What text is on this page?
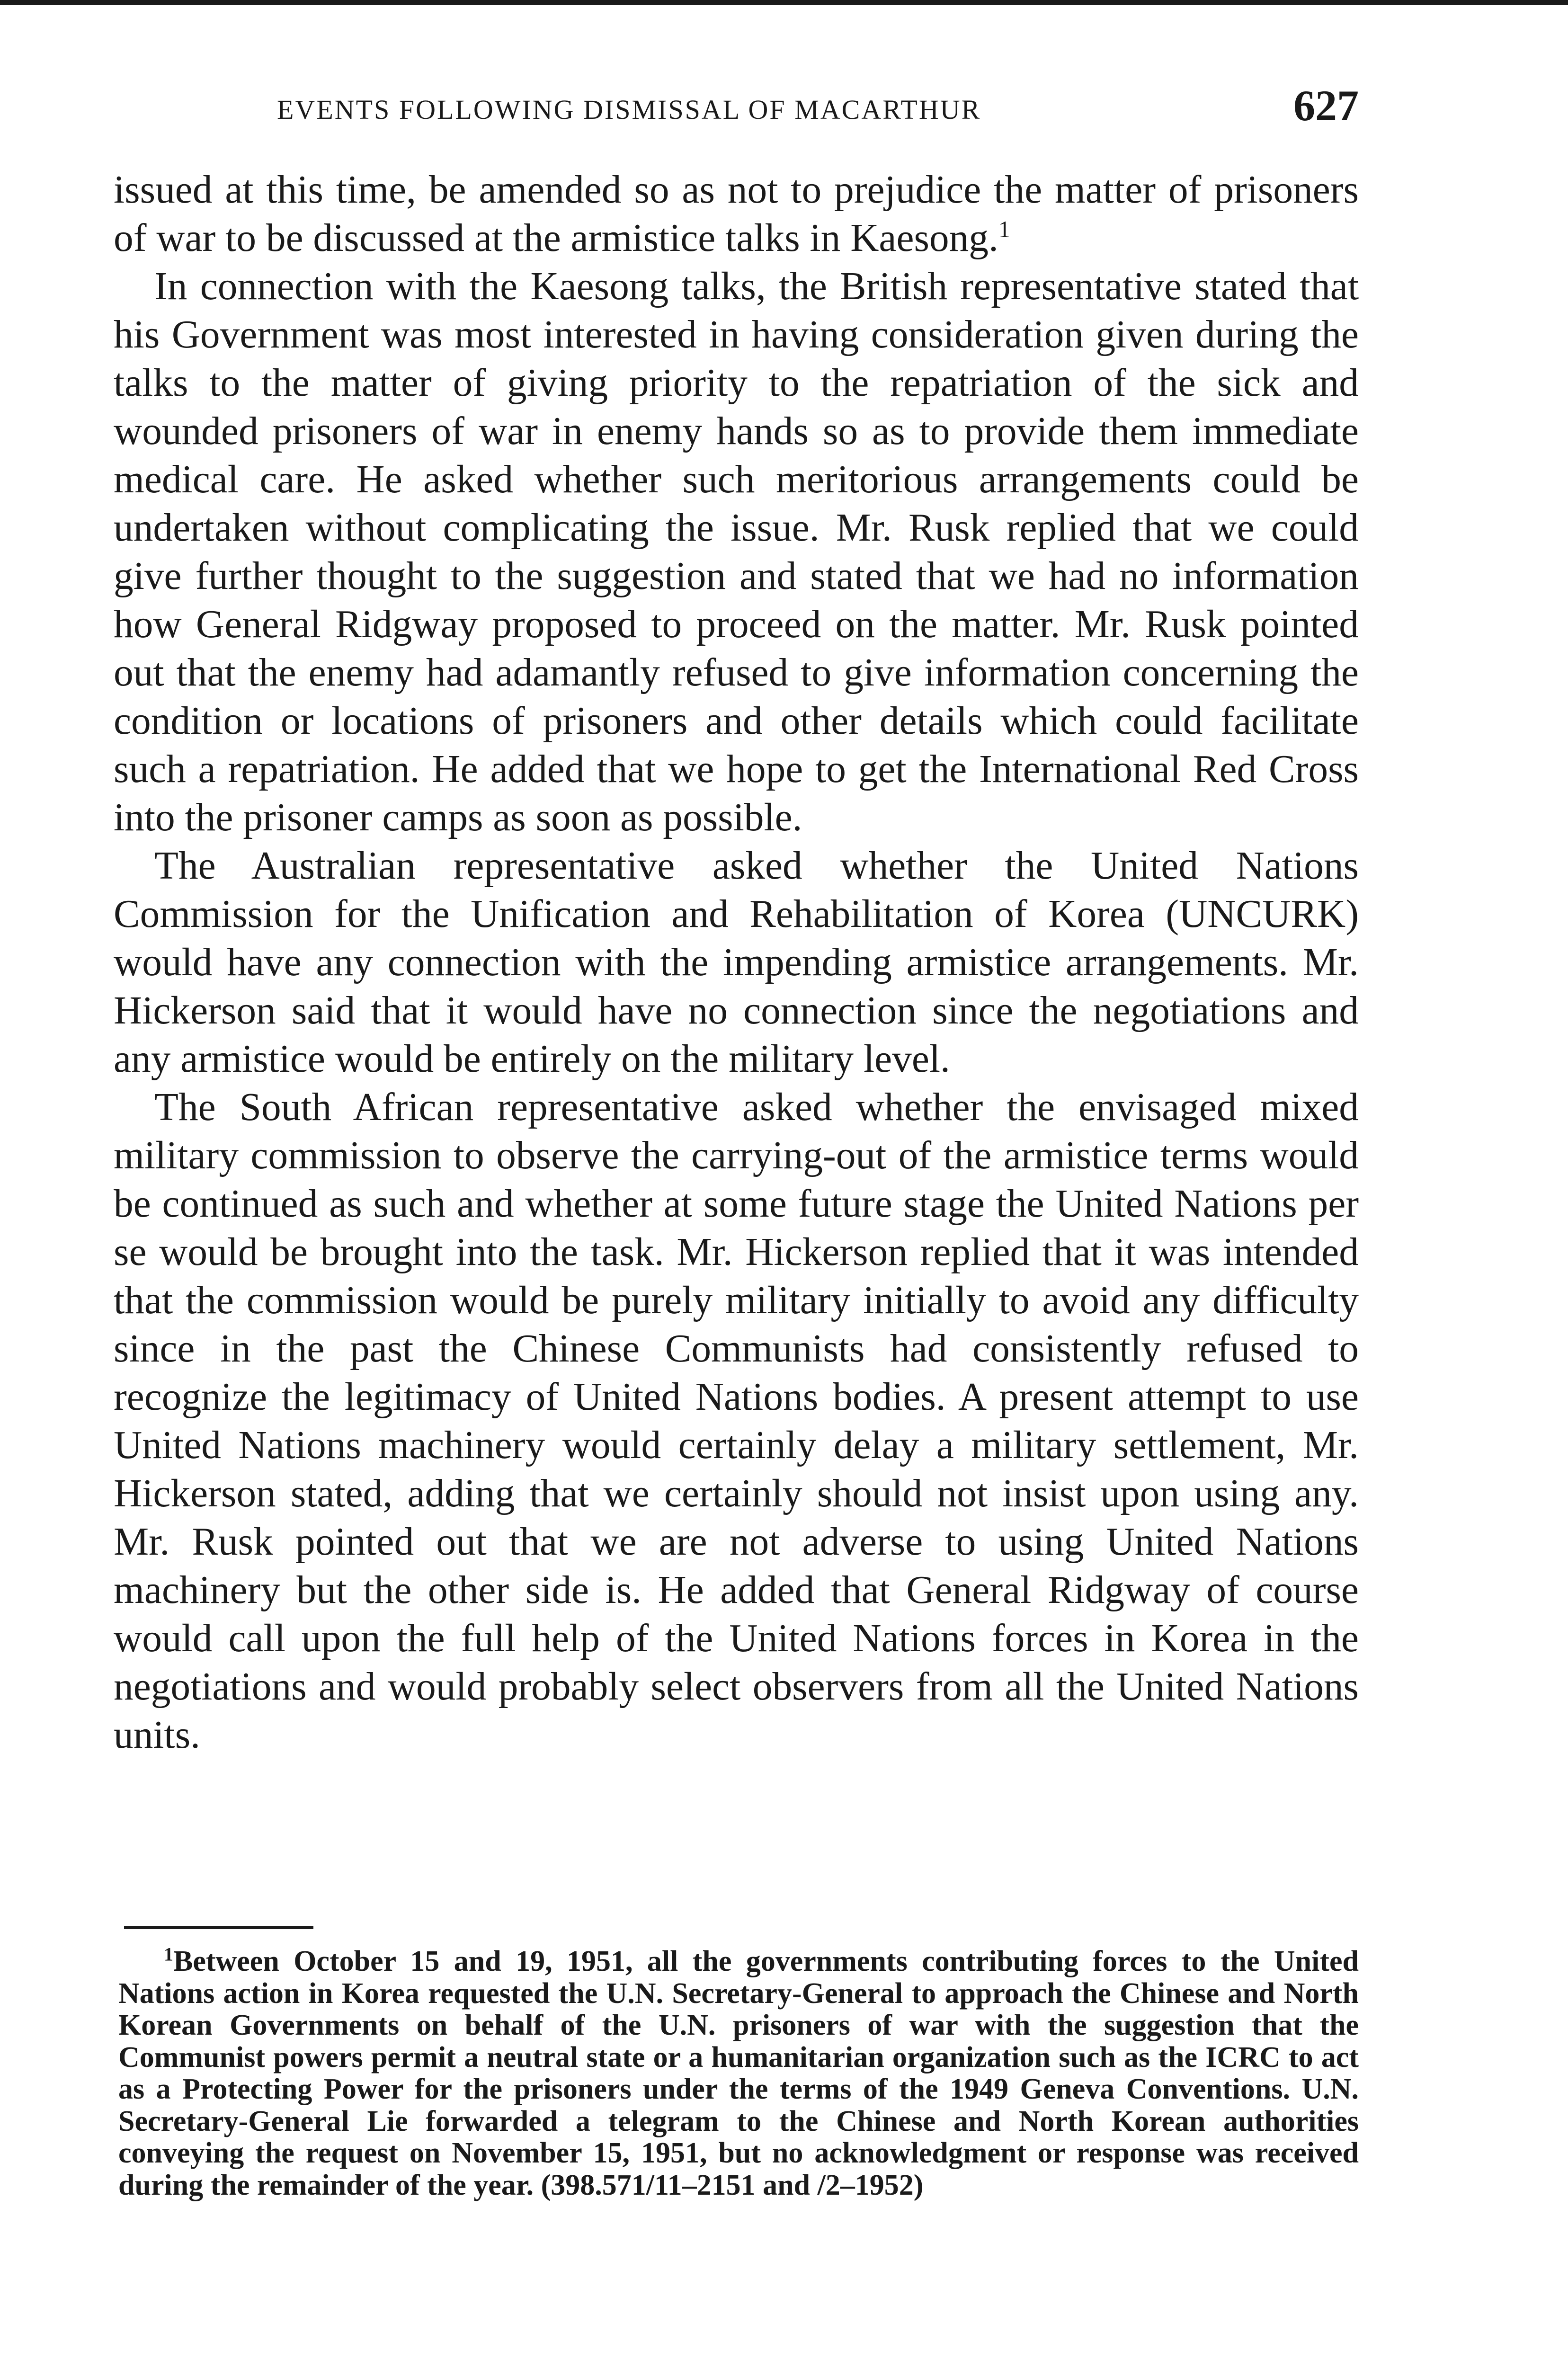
EVENTS FOLLOWING DISMISSAL OF MACARTHUR	627

issued at this time, be amended so as not to prejudice the matter of prisoners of war to be discussed at the armistice talks in Kaesong.$^1$

In connection with the Kaesong talks, the British representative stated that his Government was most interested in having consideration given during the talks to the matter of giving priority to the repatriation of the sick and wounded prisoners of war in enemy hands so as to provide them immediate medical care. He asked whether such meritorious arrangements could be undertaken without complicating the issue. Mr. Rusk replied that we could give further thought to the suggestion and stated that we had no information how General Ridgway proposed to proceed on the matter. Mr. Rusk pointed out that the enemy had adamantly refused to give information concerning the condition or locations of prisoners and other details which could facilitate such a repatriation. He added that we hope to get the International Red Cross into the prisoner camps as soon as possible.

The Australian representative asked whether the United Nations Commission for the Unification and Rehabilitation of Korea (UNCURK) would have any connection with the impending armistice arrangements. Mr. Hickerson said that it would have no connection since the negotiations and any armistice would be entirely on the military level.

The South African representative asked whether the envisaged mixed military commission to observe the carrying-out of the armistice terms would be continued as such and whether at some future stage the United Nations per se would be brought into the task. Mr. Hickerson replied that it was intended that the commission would be purely military initially to avoid any difficulty since in the past the Chinese Communists had consistently refused to recognize the legitimacy of United Nations bodies. A present attempt to use United Nations machinery would certainly delay a military settlement, Mr. Hickerson stated, adding that we certainly should not insist upon using any. Mr. Rusk pointed out that we are not adverse to using United Nations machinery but the other side is. He added that General Ridgway of course would call upon the full help of the United Nations forces in Korea in the negotiations and would probably select observers from all the United Nations units.

$^1$Between October 15 and 19, 1951, all the governments contributing forces to the United Nations action in Korea requested the U.N. Secretary-General to approach the Chinese and North Korean Governments on behalf of the U.N. prisoners of war with the suggestion that the Communist powers permit a neutral state or a humanitarian organization such as the ICRC to act as a Protecting Power for the prisoners under the terms of the 1949 Geneva Conventions. U.N. Secretary-General Lie forwarded a telegram to the Chinese and North Korean authorities conveying the request on November 15, 1951, but no acknowledgment or response was received during the remainder of the year. (398.571/11–2151 and /2–1952)
